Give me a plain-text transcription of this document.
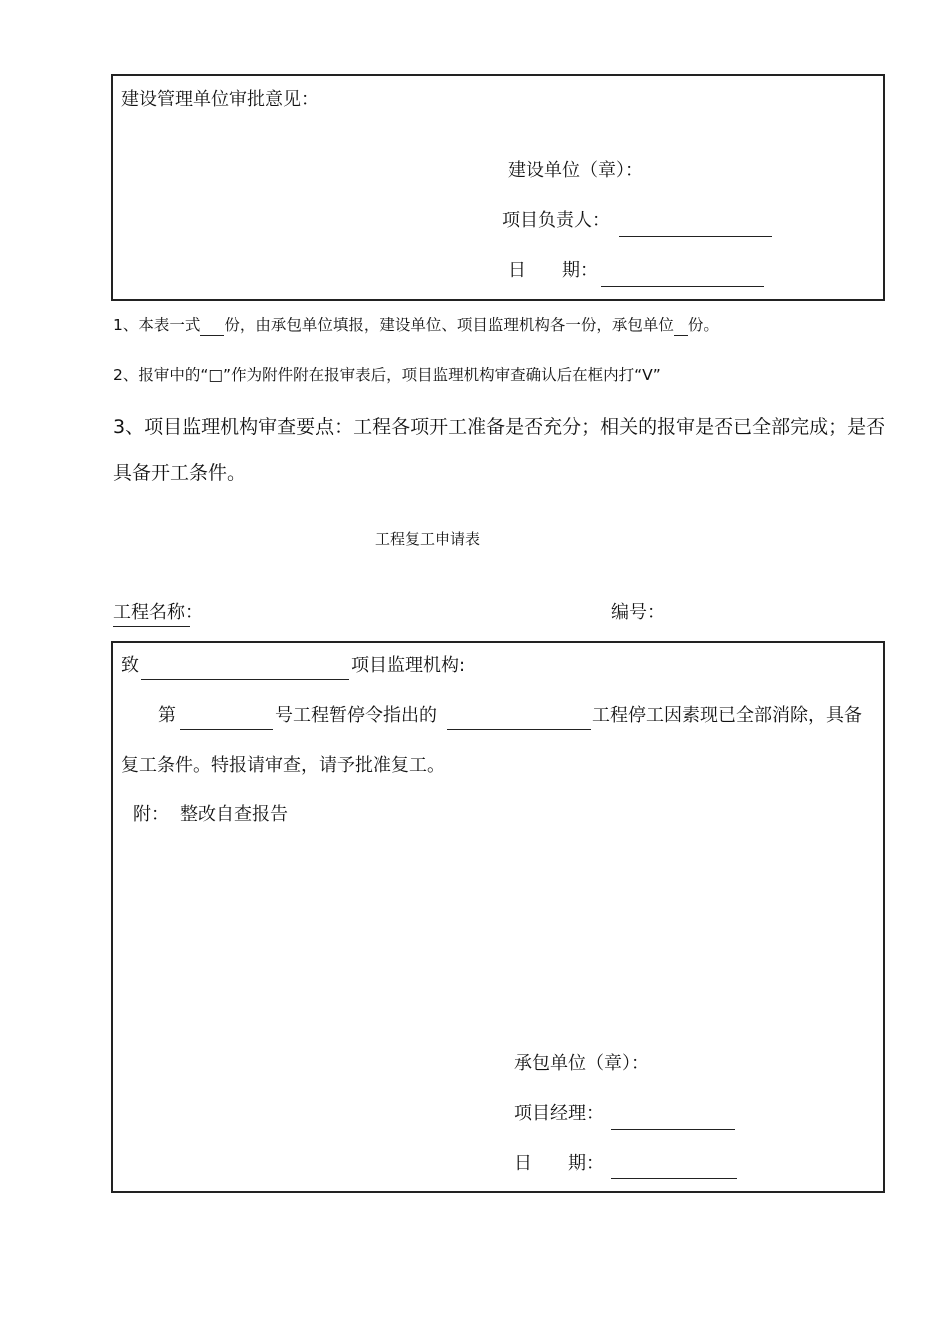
建设管理单位审批意见：
建设单位（章）：
项目负责人：
日　　期：
1、本表一式 份，由承包单位填报，建设单位、项目监理机构各一份，承包单位 份。
2、报审中的“□”作为附件附在报审表后，项目监理机构审查确认后在框内打“V”
3、项目监理机构审查要点：工程各项开工准备是否充分；相关的报审是否已全部完成；是否
具备开工条件。
工程复工申请表
工程名称：	编号：
致	项目监理机构:
第	号工程暂停令指出的	工程停工因素现已全部消除，具备
复工条件。特报请审查，请予批准复工。
附： 整改自查报告
承包单位（章）：
项目经理：
日　　期：
